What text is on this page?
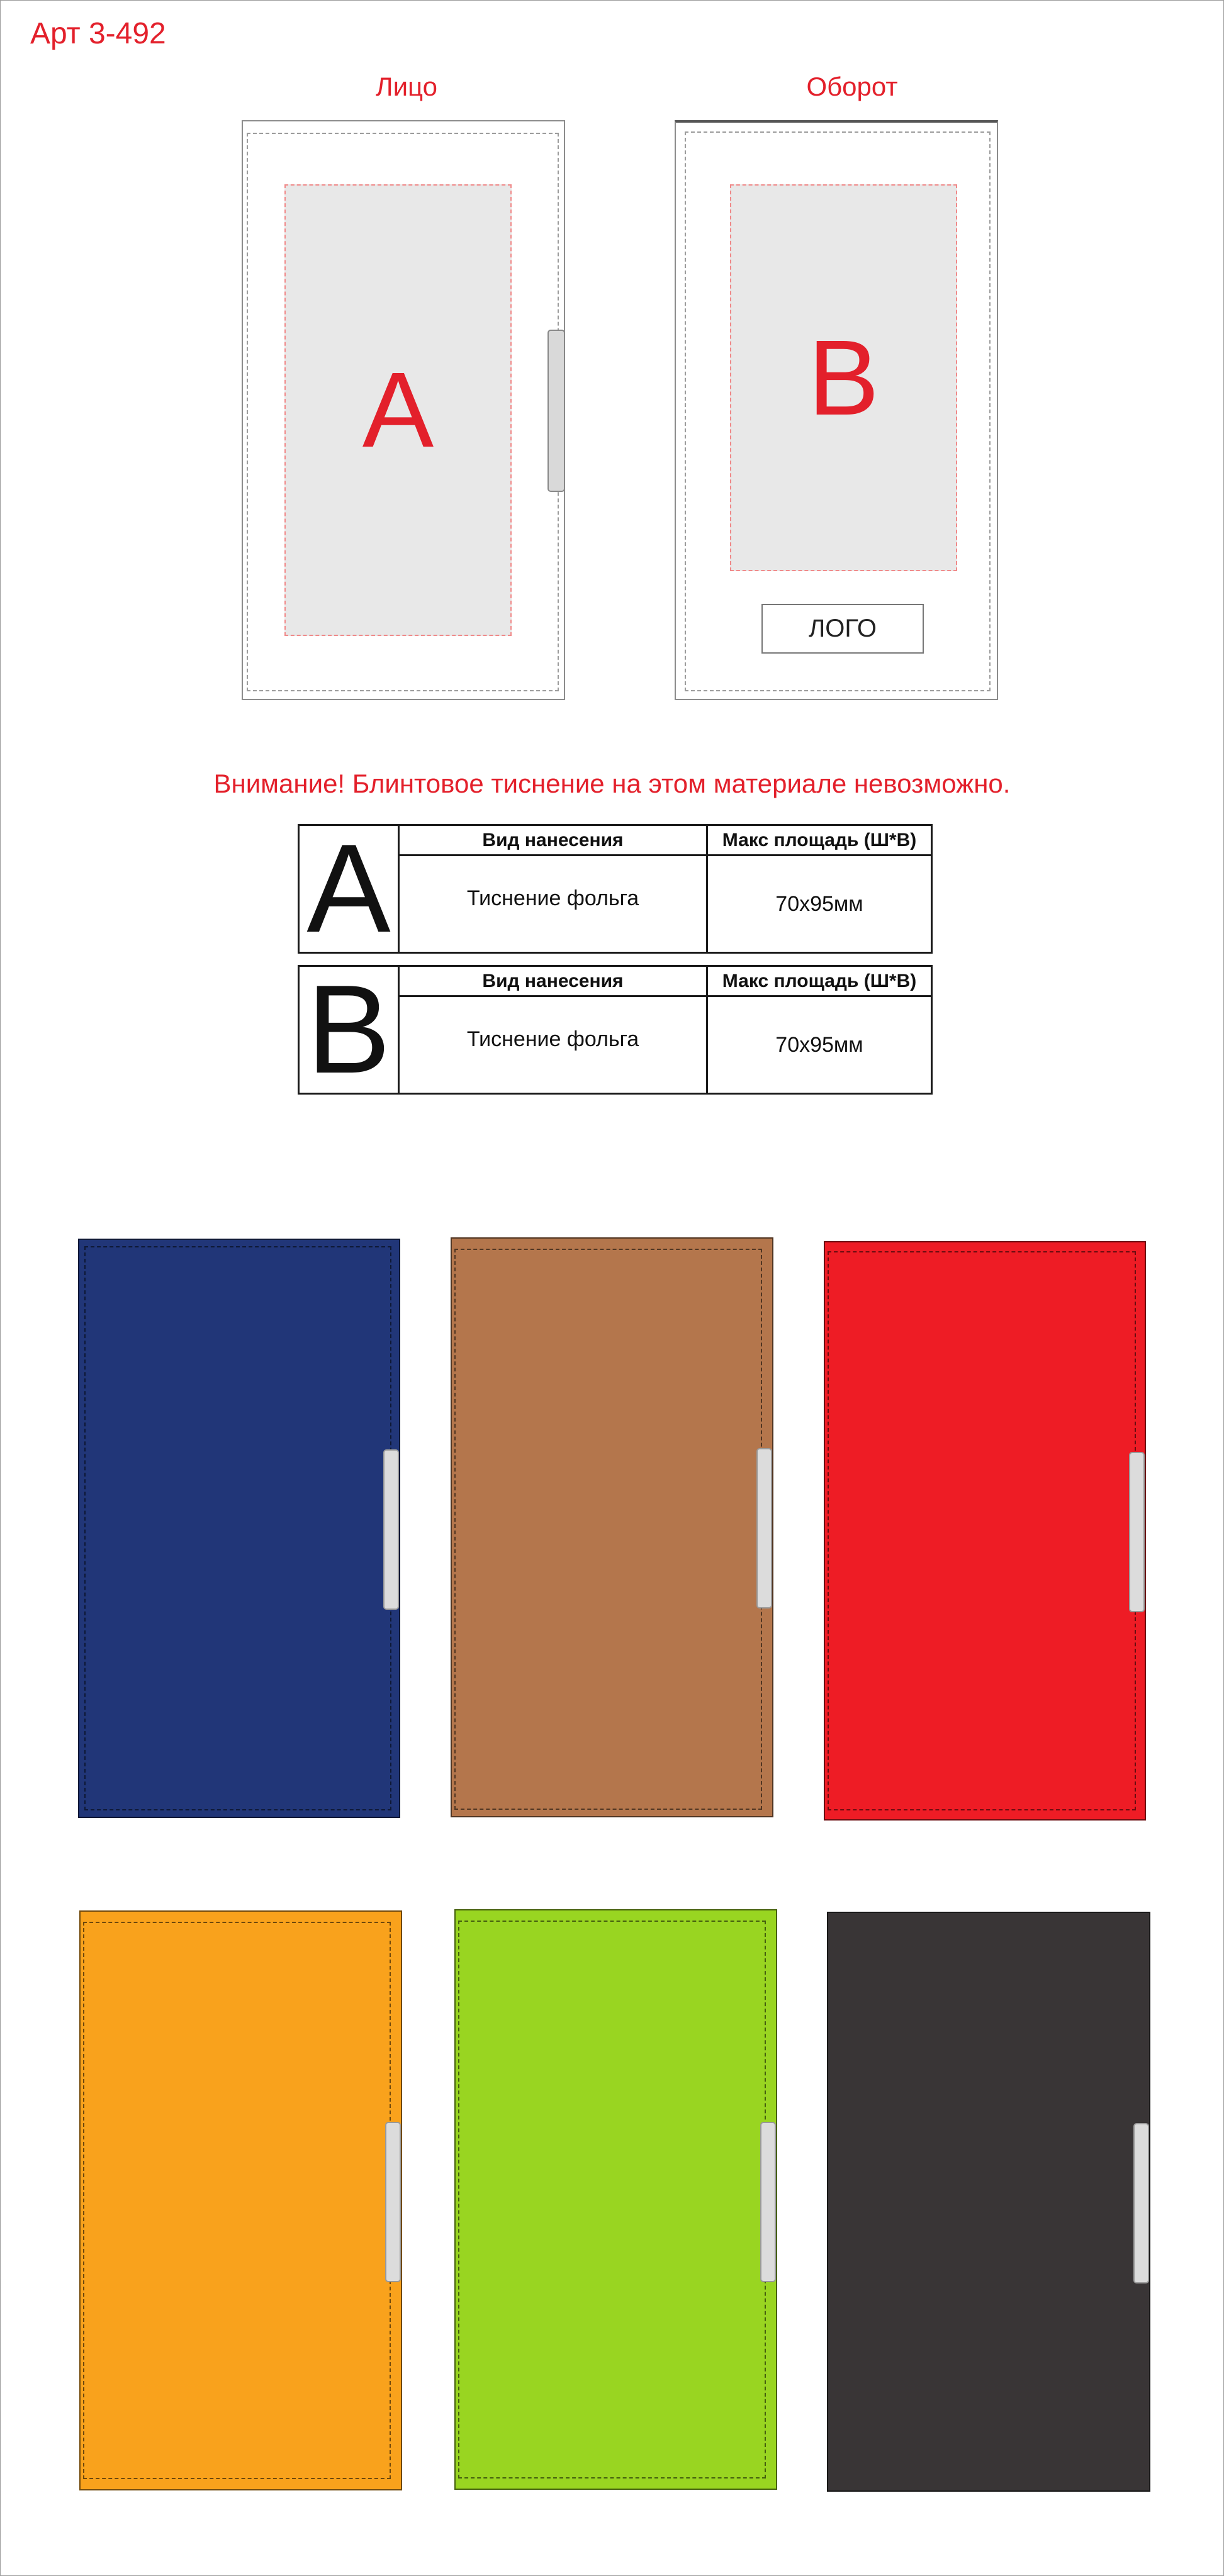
Арт 3-492
Лицо	Оборот
A	B
ЛОГО
Внимание! Блинтовое тиснение на этом материале невозможно.
A	Вид нанесения	Макс площадь (Ш*В)
	Тиснение фольга	70х95мм
B	Вид нанесения	Макс площадь (Ш*В)
	Тиснение фольга	70х95мм
